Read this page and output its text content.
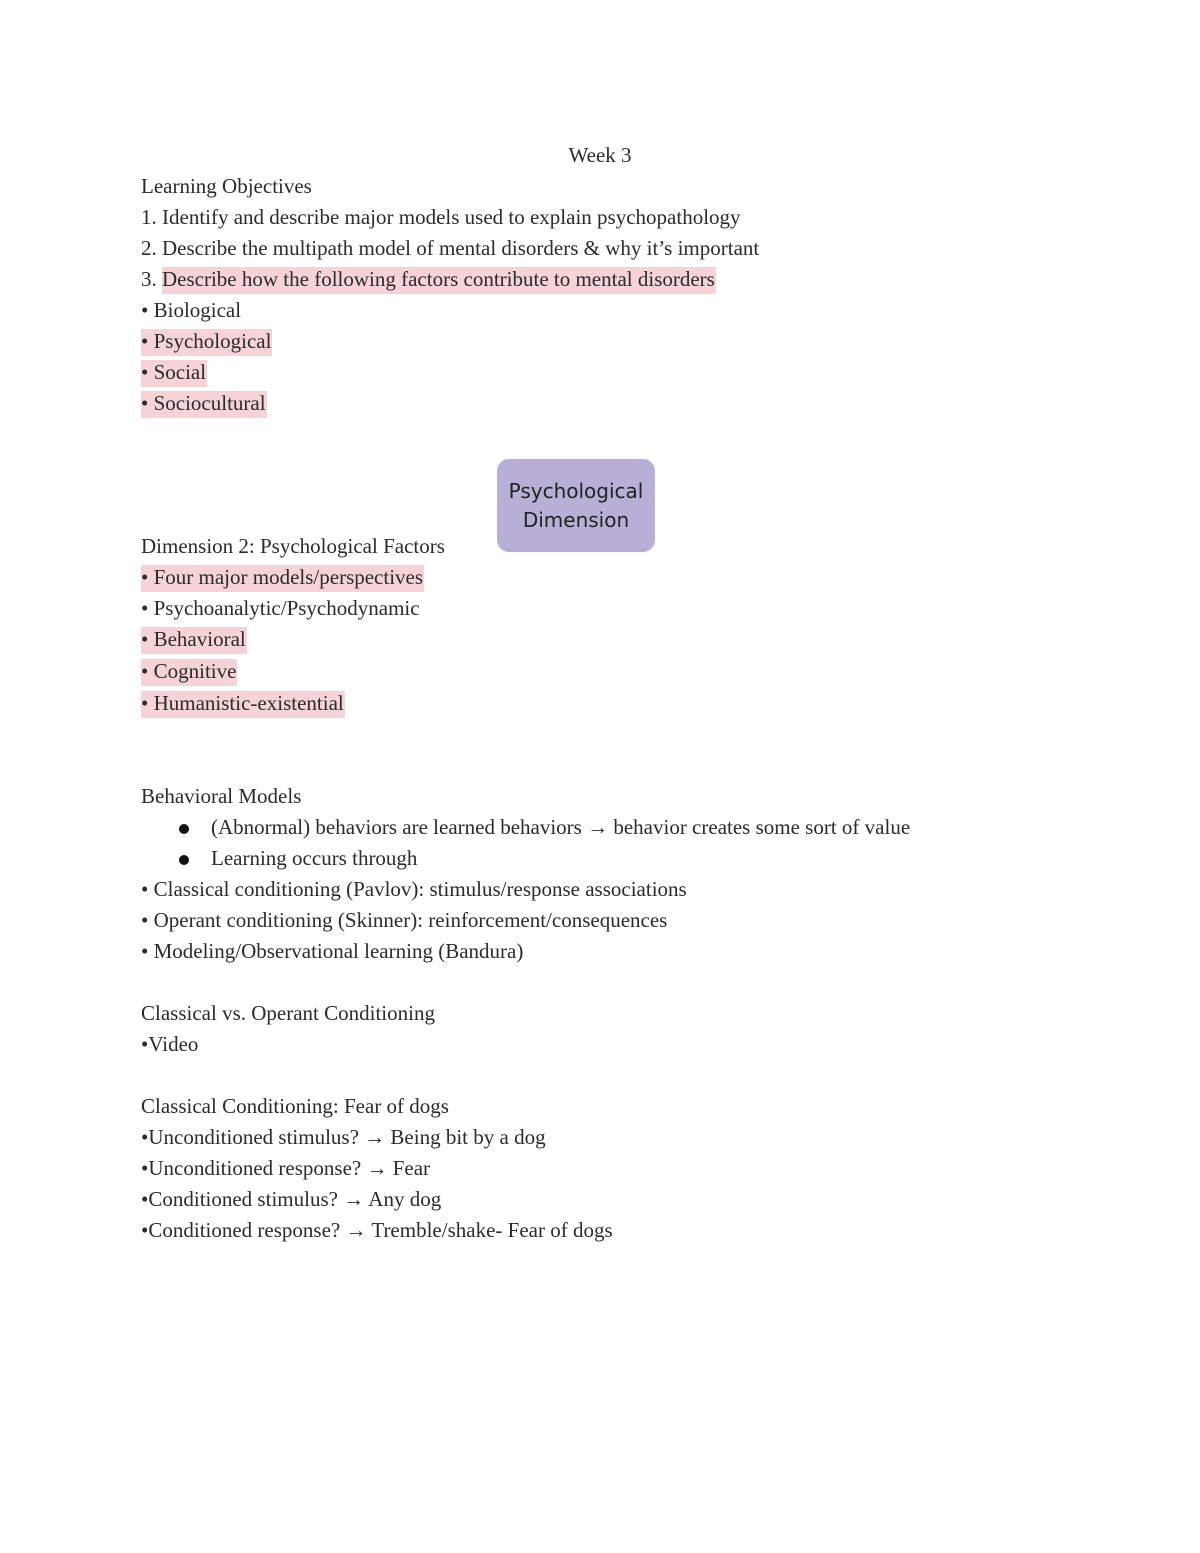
Psychological
Dimension
Week 3
Learning Objectives
1. Identify and describe major models used to explain psychopathology
2. Describe the multipath model of mental disorders & why it’s important
3. Describe how the following factors contribute to mental disorders
• Biological
• Psychological
• Social
• Sociocultural
Dimension 2: Psychological Factors
• Four major models/perspectives
• Psychoanalytic/Psychodynamic
• Behavioral
• Cognitive
• Humanistic-existential
Behavioral Models
(Abnormal) behaviors are learned behaviors → behavior creates some sort of value
Learning occurs through
• Classical conditioning (Pavlov): stimulus/response associations
• Operant conditioning (Skinner): reinforcement/consequences
• Modeling/Observational learning (Bandura)
Classical vs. Operant Conditioning
•Video
Classical Conditioning: Fear of dogs
•Unconditioned stimulus? → Being bit by a dog
•Unconditioned response? → Fear
•Conditioned stimulus? → Any dog
•Conditioned response? → Tremble/shake- Fear of dogs
